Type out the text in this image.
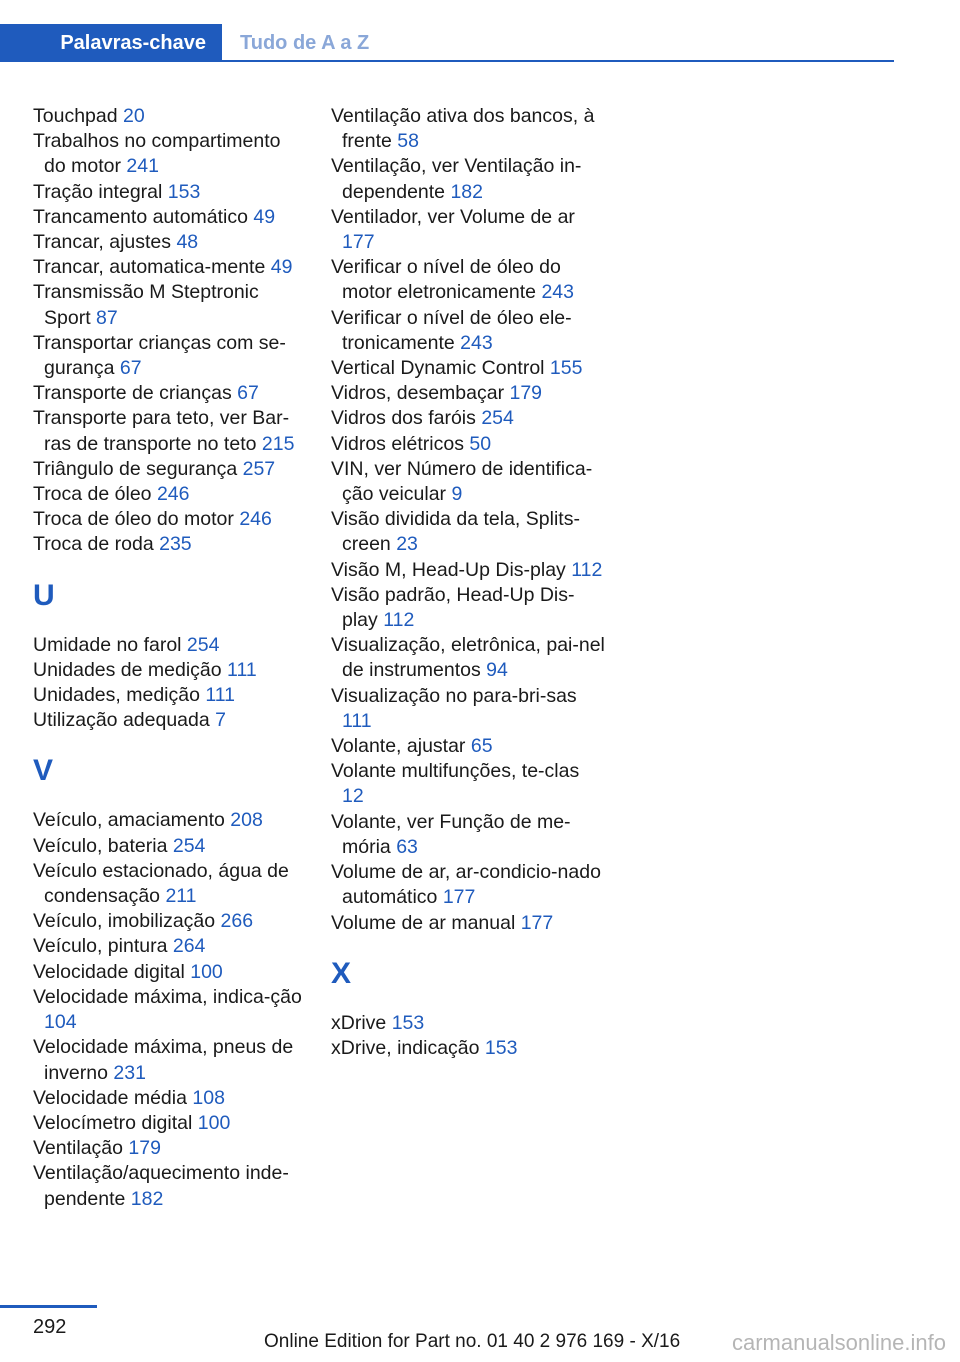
Palavras-chave	Tudo de A a Z
Touchpad 20
Trabalhos no compartimento do motor 241
Tração integral 153
Trancamento automático 49
Trancar, ajustes 48
Trancar, automatica-mente 49
Transmissão M Steptronic Sport 87
Transportar crianças com se-gurança 67
Transporte de crianças 67
Transporte para teto, ver Bar-ras de transporte no teto 215
Triângulo de segurança 257
Troca de óleo 246
Troca de óleo do motor 246
Troca de roda 235
U
Umidade no farol 254
Unidades de medição 111
Unidades, medição 111
Utilização adequada 7
V
Veículo, amaciamento 208
Veículo, bateria 254
Veículo estacionado, água de condensação 211
Veículo, imobilização 266
Veículo, pintura 264
Velocidade digital 100
Velocidade máxima, indica-ção 104
Velocidade máxima, pneus de inverno 231
Velocidade média 108
Velocímetro digital 100
Ventilação 179
Ventilação/aquecimento inde-pendente 182
Ventilação ativa dos bancos, à frente 58
Ventilação, ver Ventilação in-dependente 182
Ventilador, ver Volume de ar 177
Verificar o nível de óleo do motor eletronicamente 243
Verificar o nível de óleo ele-tronicamente 243
Vertical Dynamic Control 155
Vidros, desembaçar 179
Vidros dos faróis 254
Vidros elétricos 50
VIN, ver Número de identifica-ção veicular 9
Visão dividida da tela, Splits-creen 23
Visão M, Head-Up Dis-play 112
Visão padrão, Head-Up Dis-play 112
Visualização, eletrônica, pai-nel de instrumentos 94
Visualização no para-bri-sas 111
Volante, ajustar 65
Volante multifunções, te-clas 12
Volante, ver Função de me-mória 63
Volume de ar, ar-condicio-nado automático 177
Volume de ar manual 177
X
xDrive 153
xDrive, indicação 153
292
Online Edition for Part no. 01 40 2 976 169 - X/16 carmanualsonline.info
